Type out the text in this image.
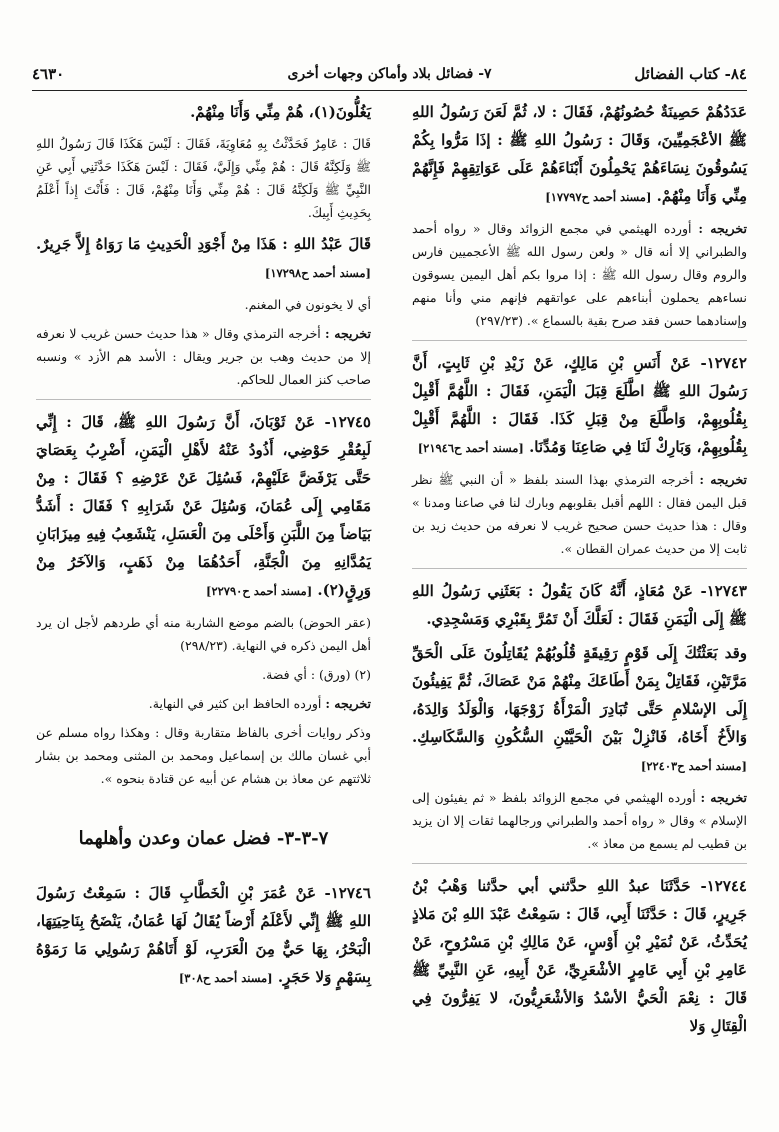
٨٤- كتاب الفضائل
٧- فضائل بلاد وأماكن وجهات أخرى
٤٦٣٠

عَدَدُهُمْ حَصِينَةٌ حُصُونُهُمْ، فَقَالَ : لا، ثُمَّ لَعَنَ رَسُولُ اللهِ ﷺ الأعْجَمِيِّينَ، وَقَالَ : رَسُولُ اللهِ ﷺ : إذَا مَرُّوا بِكُمْ يَسُوقُونَ نِسَاءَهُمْ يَحْمِلُونَ أَبْنَاءَهُمْ عَلَى عَوَاتِقِهِمْ فَإِنَّهُمْ مِنِّي وَأَنَا مِنْهُمْ. [مسند أحمد ح١٧٧٩٧]

تخريجه : أورده الهيثمي في مجمع الزوائد وقال « رواه أحمد والطبراني إلا أنه قال « ولعن رسول الله ﷺ الأعجميين فارس والروم وقال رسول الله ﷺ : إذا مروا بكم أهل اليمين يسوقون نساءهم يحملون أبناءهم على عواتقهم فإنهم مني وأنا منهم وإسنادهما حسن فقد صرح بقية بالسماع ». (٢٩٧/٢٣)

١٢٧٤٢- عَنْ أَنَسِ بْنِ مَالِكٍ، عَنْ زَيْدِ بْنِ ثَابِتٍ، أَنَّ رَسُولَ اللهِ ﷺ اطَّلَعَ قِبَلَ الْيَمَنِ، فَقَالَ : اللَّهُمَّ أَقْبِلْ بِقُلُوبِهِمْ، وَاطَّلَعَ مِنْ قِبَلِ كَذَا. فَقَالَ : اللَّهُمَّ أَقْبِلْ بِقُلُوبِهِمْ، وَبَارِكْ لَنَا فِي صَاعِنَا وَمُدِّنَا. [مسند أحمد ح٢١٩٤٦]

تخريجه : أخرجه الترمذي بهذا السند بلفظ « أن النبي ﷺ نظر قبل اليمن فقال : اللهم أقبل بقلوبهم وبارك لنا في صاعنا ومدنا » وقال : هذا حديث حسن صحيح غريب لا نعرفه من حديث زيد بن ثابت إلا من حديث عمران القطان ».

١٢٧٤٣- عَنْ مُعَاذٍ، أَنَّهُ كَانَ يَقُولُ : بَعَثَنِي رَسُولُ اللهِ ﷺ إِلَى الْيَمَنِ فَقَالَ : لَعَلَّكَ أَنْ تَمُرَّ بِقَبْرِي وَمَسْجِدِي.

وقد بَعَثْتُكَ إِلَى قَوْمٍ رَقِيقَةٍ قُلُوبُهُمْ يُقَاتِلُونَ عَلَى الْحَقِّ مَرَّتَيْنِ، فَقَاتِلْ بِمَنْ أَطَاعَكَ مِنْهُمْ مَنْ عَصَاكَ، ثُمَّ يَفِيئُونَ إِلَى الإسْلامِ حَتَّى تُبَادِرَ الْمَرْأَةُ زَوْجَهَا، وَالْوَلَدُ وَالِدَهُ، وَالأَخُ أَخَاهُ، فَانْزِلْ بَيْنَ الْحَيَّيْنِ السُّكُونِ وَالسَّكَاسِكِ. [مسند أحمد ح٢٢٤٠٣]

تخريجه : أورده الهيثمي في مجمع الزوائد بلفظ « ثم يفيئون إلى الإسلام » وقال « رواه أحمد والطبراني ورجالهما ثقات إلا ان يزيد بن قطيب لم يسمع من معاذ ».

١٢٧٤٤- حَدَّثَنَا عبدُ اللهِ حدَّثني أبي حدَّثنا وَهْبُ بْنُ جَرِيرٍ، قَالَ : حَدَّثَنَا أَبِي، قَالَ : سَمِعْتُ عَبْدَ اللهِ بْنَ مَلاذٍ يُحَدِّثُ، عَنْ نُمَيْرِ بْنِ أَوْسٍ، عَنْ مَالِكِ بْنِ مَسْرُوحٍ، عَنْ عَامِرِ بْنِ أَبِي عَامِرٍ الأشْعَرِيِّ، عَنْ أَبِيهِ، عَنِ النَّبِيِّ ﷺ قَالَ : نِعْمَ الْحَيُّ الأسْدُ وَالأشْعَرِيُّونَ، لا يَفِرُّونَ فِي الْقِتَالِ وَلا

يَغُلُّونَ(١)، هُمْ مِنِّي وَأَنَا مِنْهُمْ.

قَالَ : عَامِرٌ فَحَدَّثْتُ بِهِ مُعَاوِيَةَ، فَقَالَ : لَيْسَ هَكَذَا قَالَ رَسُولُ اللهِ ﷺ وَلَكِنَّهُ قَالَ : هُمْ مِنِّي وَإِلَيَّ، فَقَالَ : لَيْسَ هَكَذَا حَدَّثَنِي أَبِي عَنِ النَّبِيِّ ﷺ وَلَكِنَّهُ قَالَ : هُمْ مِنِّي وَأَنَا مِنْهُمْ، قَالَ : فَأَنْتَ إِذاً أَعْلَمُ بِحَدِيثِ أَبِيكَ.

قَالَ عَبْدُ اللهِ : هَذَا مِنْ أَجْوَدِ الْحَدِيثِ مَا رَوَاهُ إِلاَّ جَرِيرٌ. [مسند أحمد ح١٧٢٩٨]

أي لا يخونون في المغنم.

تخريجه : أخرجه الترمذي وقال « هذا حديث حسن غريب لا نعرفه إلا من حديث وهب بن جرير ويقال : الأسد هم الأزد » ونسبه صاحب كنز العمال للحاكم.

١٢٧٤٥- عَنْ ثَوْبَانَ، أَنَّ رَسُولَ اللهِ ﷺ، قَالَ : إِنِّي لَبِعُقْرِ حَوْضِي، أَذُودُ عَنْهُ لأَهْلِ الْيَمَنِ، أَضْرِبُ بِعَصَايَ حَتَّى يَرْفَضَّ عَلَيْهِمْ، فَسُئِلَ عَنْ عَرْضِهِ ؟ فَقَالَ : مِنْ مَقَامِي إِلَى عُمَانَ، وَسُئِلَ عَنْ شَرَابِهِ ؟ فَقَالَ : أَشَدُّ بَيَاضاً مِنَ اللَّبَنِ وَأَحْلَى مِنَ الْعَسَلِ، يَنْشَعِبُ فِيهِ مِيزَابَانِ يَمُدَّانِهِ مِنَ الْجَنَّةِ، أَحَدُهُمَا مِنْ ذَهَبٍ، وَالآخَرُ مِنْ وَرِقٍ(٢). [مسند أحمد ح٢٢٧٩٠]

(عقر الحوض) بالضم موضع الشاربة منه أي طردهم لأجل ان يرد أهل اليمن ذكره في النهاية. (٢٩٨/٢٣)

(٢) (ورق) : أي فضة.

تخريجه : أورده الحافظ ابن كثير في النهاية.

وذكر روايات أخرى بالفاظ متقاربة وقال : وهكذا رواه مسلم عن أبي غسان مالك بن إسماعيل ومحمد بن المثنى ومحمد بن بشار ثلاثتهم عن معاذ بن هشام عن أبيه عن قتادة بنحوه ».

٧-٣-٣- فضل عمان وعدن وأهلهما

١٢٧٤٦- عَنْ عُمَرَ بْنِ الْخَطَّابِ قَالَ : سَمِعْتُ رَسُولَ اللهِ ﷺ إِنِّي لأَعْلَمُ أَرْضاً يُقَالُ لَهَا عُمَانُ، يَنْضَحُ بِنَاحِيَتِهَا، الْبَحْرُ، بِهَا حَيٌّ مِنَ الْعَرَبِ، لَوْ أَتَاهُمْ رَسُولِي مَا رَمَوْهُ بِسَهْمٍ وَلا حَجَرٍ. [مسند أحمد ح٣٠٨]
